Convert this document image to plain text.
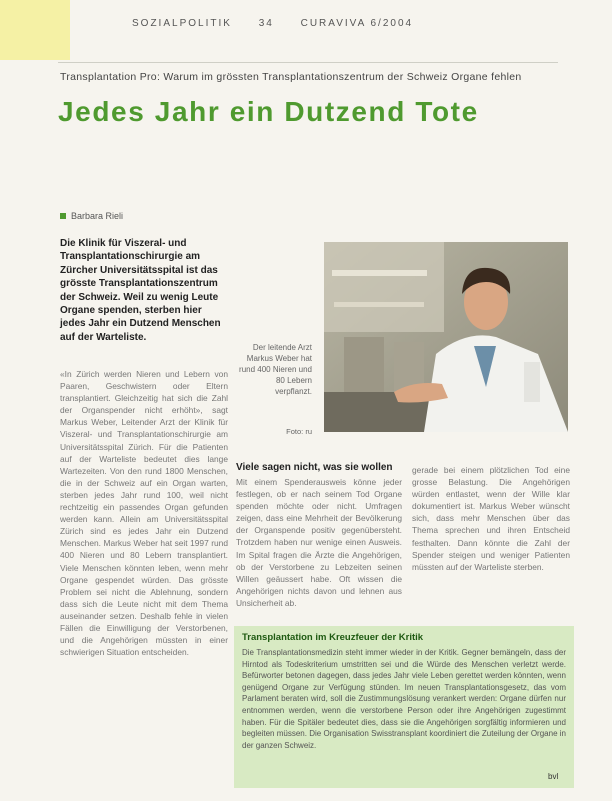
SOZIALPOLITIK	34	CURAVIVA 6/2004
Transplantation Pro: Warum im grössten Transplantationszentrum der Schweiz Organe fehlen
Jedes Jahr ein Dutzend Tote
Barbara Rieli
Die Klinik für Viszeral- und Transplantationschirurgie am Zürcher Universitätsspital ist das grösste Transplantationszentrum der Schweiz. Weil zu wenig Leute Organe spenden, sterben hier jedes Jahr ein Dutzend Menschen auf der Warteliste.
«In Zürich werden Nieren und Lebern von Paaren, Geschwistern oder Eltern transplantiert. Gleichzeitig hat sich die Zahl der Organspender nicht erhöht», sagt Markus Weber, Leitender Arzt der Klinik für Viszeral- und Transplantationschirurgie am Universitätsspital Zürich. Für die Patienten auf der Warteliste bedeutet dies lange Wartezeiten. Von den rund 1800 Menschen, die in der Schweiz auf ein Organ warten, sterben jedes Jahr rund 100, weil nicht rechtzeitig ein passendes Organ gefunden werden kann. Allein am Universitätsspital Zürich sind es jedes Jahr ein Dutzend Menschen. Markus Weber hat seit 1997 rund 400 Nieren und 80 Lebern transplantiert. Viele Menschen könnten leben, wenn mehr Organe gespendet würden. Das grösste Problem sei nicht die Ablehnung, sondern dass sich die Leute nicht mit dem Thema auseinander setzen. Deshalb fehle in vielen Fällen die Einwilligung der Verstorbenen, und die Angehörigen müssten in einer schwierigen Situation entscheiden.
Der leitende Arzt Markus Weber hat rund 400 Nieren und 80 Lebern verpflanzt.
Foto: ru
Viele sagen nicht, was sie wollen
Mit einem Spenderausweis könne jeder festlegen, ob er nach seinem Tod Organe spenden möchte oder nicht. Umfragen zeigen, dass eine Mehrheit der Bevölkerung der Organspende positiv gegenübersteht. Trotzdem haben nur wenige einen Ausweis. Im Spital fragen die Ärzte die Angehörigen, ob der Verstorbene zu Lebzeiten seinen Willen geäussert habe. Oft wissen die Angehörigen nichts davon und lehnen aus Unsicherheit ab.
gerade bei einem plötzlichen Tod eine grosse Belastung. Die Angehörigen würden entlastet, wenn der Wille klar dokumentiert ist. Markus Weber wünscht sich, dass mehr Menschen über das Thema sprechen und ihren Entscheid festhalten. Dann könnte die Zahl der Spender steigen und weniger Patienten müssten auf der Warteliste sterben.
Transplantation im Kreuzfeuer der Kritik
Die Transplantationsmedizin steht immer wieder in der Kritik. Gegner bemängeln, dass der Hirntod als Todeskriterium umstritten sei und die Würde des Menschen verletzt werde. Befürworter betonen dagegen, dass jedes Jahr viele Leben gerettet werden könnten, wenn genügend Organe zur Verfügung stünden. Im neuen Transplantationsgesetz, das vom Parlament beraten wird, soll die Zustimmungslösung verankert werden: Organe dürfen nur entnommen werden, wenn die verstorbene Person oder ihre Angehörigen zugestimmt haben. Für die Spitäler bedeutet dies, dass sie die Angehörigen sorgfältig informieren und begleiten müssen. Die Organisation Swisstransplant koordiniert die Zuteilung der Organe in der ganzen Schweiz.
bvl
